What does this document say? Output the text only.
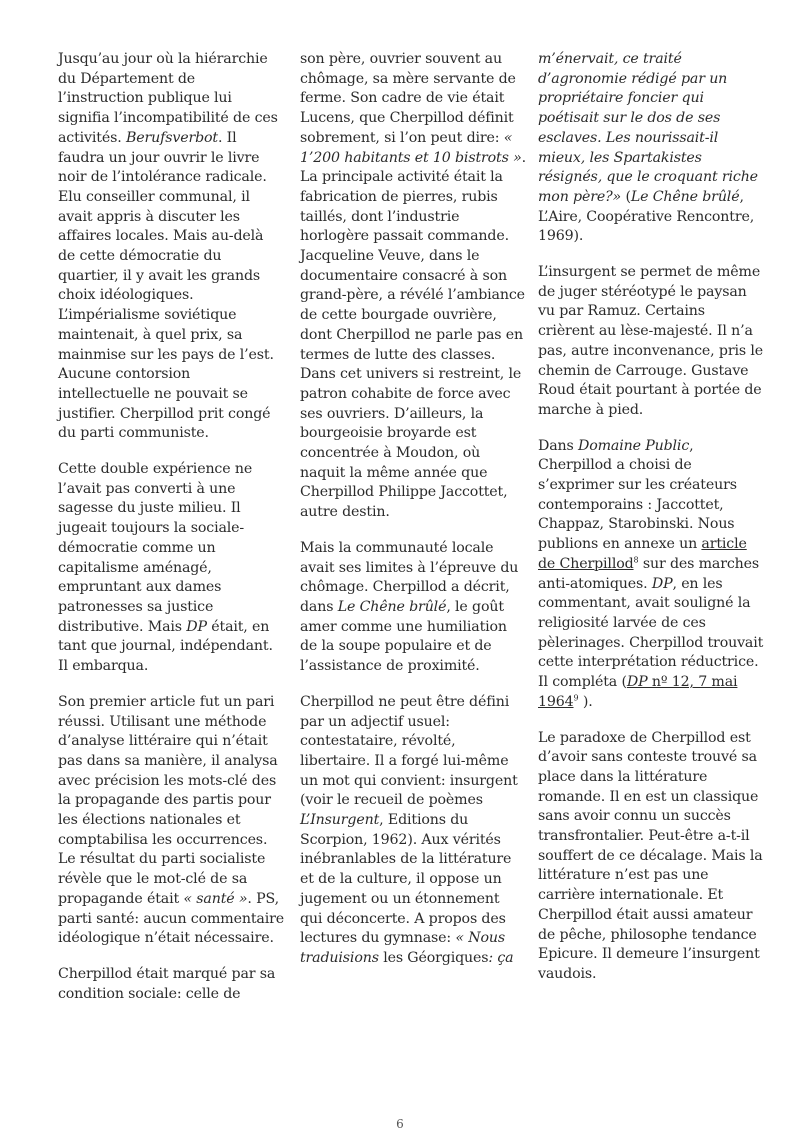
Jusqu’au jour où la hiérarchie du Département de l’instruction publique lui signifia l’incompatibilité de ces activités. Berufsverbot. Il faudra un jour ouvrir le livre noir de l’intolérance radicale. Elu conseiller communal, il avait appris à discuter les affaires locales. Mais au-delà de cette démocratie du quartier, il y avait les grands choix idéologiques. L’impérialisme soviétique maintenait, à quel prix, sa mainmise sur les pays de l’est. Aucune contorsion intellectuelle ne pouvait se justifier. Cherpillod prit congé du parti communiste.

Cette double expérience ne l’avait pas converti à une sagesse du juste milieu. Il jugeait toujours la sociale-démocratie comme un capitalisme aménagé, empruntant aux dames patronesses sa justice distributive. Mais DP était, en tant que journal, indépendant. Il embarqua.

Son premier article fut un pari réussi. Utilisant une méthode d’analyse littéraire qui n’était pas dans sa manière, il analysa avec précision les mots-clé des la propagande des partis pour les élections nationales et comptabilisa les occurrences. Le résultat du parti socialiste révèle que le mot-clé de sa propagande était « santé ». PS, parti santé: aucun commentaire idéologique n’était nécessaire.

Cherpillod était marqué par sa condition sociale: celle de

son père, ouvrier souvent au chômage, sa mère servante de ferme. Son cadre de vie était Lucens, que Cherpillod définit sobrement, si l’on peut dire: « 1’200 habitants et 10 bistrots ». La principale activité était la fabrication de pierres, rubis taillés, dont l’industrie horlogère passait commande. Jacqueline Veuve, dans le documentaire consacré à son grand-père, a révélé l’ambiance de cette bourgade ouvrière, dont Cherpillod ne parle pas en termes de lutte des classes. Dans cet univers si restreint, le patron cohabite de force avec ses ouvriers. D’ailleurs, la bourgeoisie broyarde est concentrée à Moudon, où naquit la même année que Cherpillod Philippe Jaccottet, autre destin.

Mais la communauté locale avait ses limites à l’épreuve du chômage. Cherpillod a décrit, dans Le Chêne brûlé, le goût amer comme une humiliation de la soupe populaire et de l’assistance de proximité.

Cherpillod ne peut être défini par un adjectif usuel: contestataire, révolté, libertaire. Il a forgé lui-même un mot qui convient: insurgent (voir le recueil de poèmes L’Insurgent, Editions du Scorpion, 1962). Aux vérités inébranlables de la littérature et de la culture, il oppose un jugement ou un étonnement qui déconcerte. A propos des lectures du gymnase: « Nous traduisions les Géorgiques: ça

m’énervait, ce traité d’agronomie rédigé par un propriétaire foncier qui poétisait sur le dos de ses esclaves. Les nourissait-il mieux, les Spartakistes résignés, que le croquant riche mon père?» (Le Chêne brûlé, L’Aire, Coopérative Rencontre, 1969).

L’insurgent se permet de même de juger stéréotypé le paysan vu par Ramuz. Certains crièrent au lèse-majesté. Il n’a pas, autre inconvenance, pris le chemin de Carrouge. Gustave Roud était pourtant à portée de marche à pied.

Dans Domaine Public, Cherpillod a choisi de s’exprimer sur les créateurs contemporains : Jaccottet, Chappaz, Starobinski. Nous publions en annexe un article de Cherpillod$^8$ sur des marches anti-atomiques. DP, en les commentant, avait souligné la religiosité larvée de ces pèlerinages. Cherpillod trouvait cette interprétation réductrice. Il compléta (DP nº 12, 7 mai 1964$^9$ ).

Le paradoxe de Cherpillod est d’avoir sans conteste trouvé sa place dans la littérature romande. Il en est un classique sans avoir connu un succès transfrontalier. Peut-être a-t-il souffert de ce décalage. Mais la littérature n’est pas une carrière internationale. Et Cherpillod était aussi amateur de pêche, philosophe tendance Epicure. Il demeure l’insurgent vaudois.

6
